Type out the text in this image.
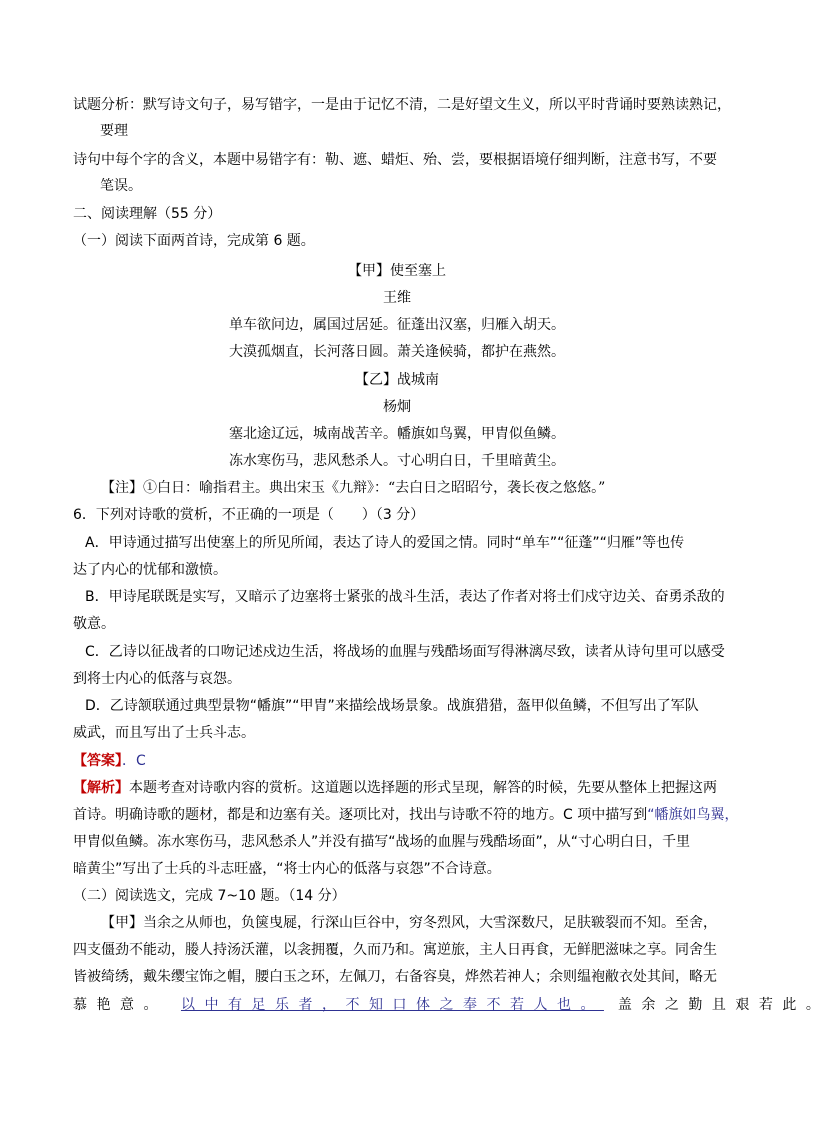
试题分析：默写诗文句子，易写错字，一是由于记忆不清，二是好望文生义，所以平时背诵时要熟读熟记，
要理
诗句中每个字的含义，本题中易错字有：勒、遮、蜡炬、殆、尝，要根据语境仔细判断，注意书写，不要
笔误。
二、阅读理解（55 分）
（一）阅读下面两首诗，完成第 6 题。
【甲】使至塞上
王维
单车欲问边，属国过居延。征蓬出汉塞，归雁入胡天。
大漠孤烟直，长河落日圆。萧关逢候骑，都护在燕然。
【乙】战城南
杨炯
塞北途辽远，城南战苦辛。幡旗如鸟翼，甲胄似鱼鳞。
冻水寒伤马，悲风愁杀人。寸心明白日，千里暗黄尘。
【注】①白日：喻指君主。典出宋玉《九辩》：“去白日之昭昭兮，袭长夜之悠悠。”
6．下列对诗歌的赏析，不正确的一项是（　　）（3 分）
A．甲诗通过描写出使塞上的所见所闻，表达了诗人的爱国之情。同时“单车”“征蓬”“归雁”等也传
达了内心的忧郁和激愤。
B．甲诗尾联既是实写，又暗示了边塞将士紧张的战斗生活，表达了作者对将士们戍守边关、奋勇杀敌的
敬意。
C．乙诗以征战者的口吻记述戍边生活，将战场的血腥与残酷场面写得淋漓尽致，读者从诗句里可以感受
到将士内心的低落与哀怨。
D．乙诗颔联通过典型景物“幡旗”“甲胄”来描绘战场景象。战旗猎猎，盔甲似鱼鳞，不但写出了军队
威武，而且写出了士兵斗志。
【答案】．C
【解析】本题考查对诗歌内容的赏析。这道题以选择题的形式呈现，解答的时候，先要从整体上把握这两
首诗。明确诗歌的题材，都是和边塞有关。逐项比对，找出与诗歌不符的地方。C 项中描写到“幡旗如鸟翼，
甲胄似鱼鳞。冻水寒伤马，悲风愁杀人”并没有描写“战场的血腥与残酷场面”，从“寸心明白日，千里
暗黄尘”写出了士兵的斗志旺盛，“将士内心的低落与哀怨”不合诗意。
（二）阅读选文，完成 7~10 题。（14 分）
【甲】当余之从师也，负箧曳屣，行深山巨谷中，穷冬烈风，大雪深数尺，足肤皲裂而不知。至舍，
四支僵劲不能动，媵人持汤沃灌，以衾拥覆，久而乃和。寓逆旅，主人日再食，无鲜肥滋味之享。同舍生
皆被绮绣，戴朱缨宝饰之帽，腰白玉之环，左佩刀，右备容臭，烨然若神人；余则缊袍敝衣处其间，略无
慕艳意。 以中有足乐者，不知口体之奉不若人也。 盖余之勤且艰若此。
